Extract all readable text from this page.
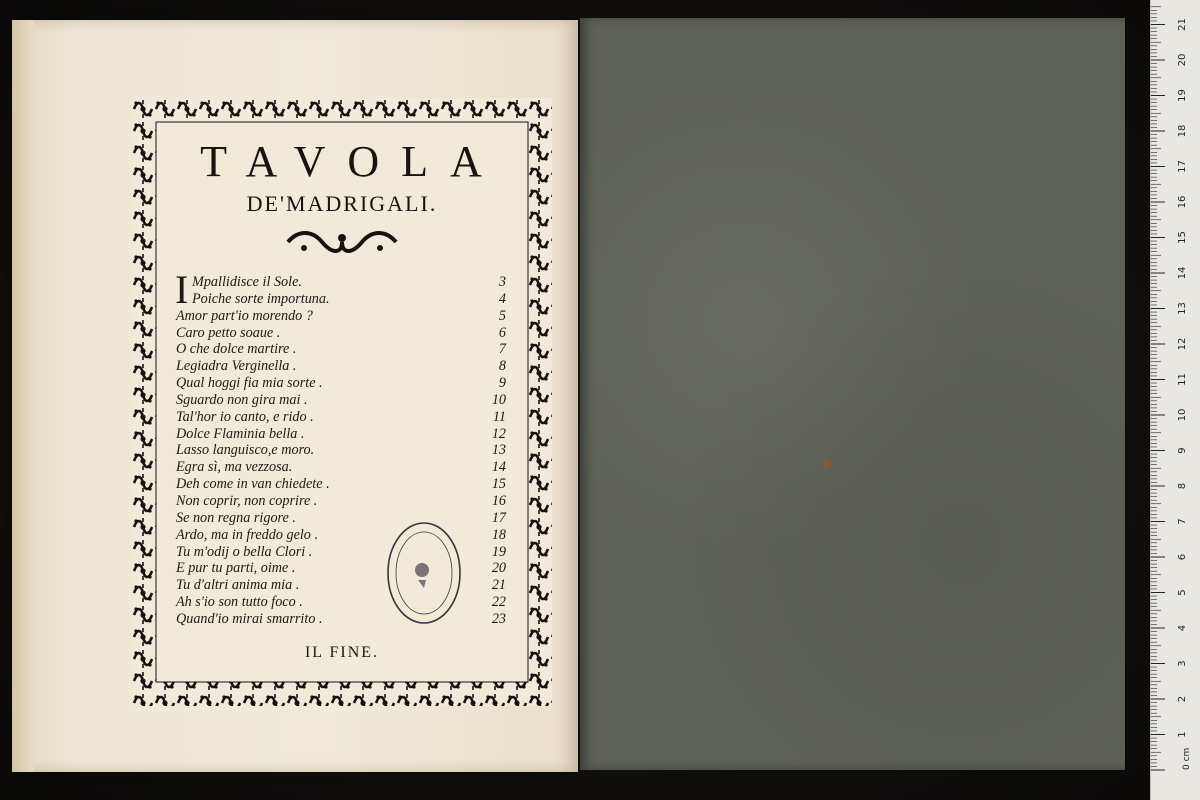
TAVOLA
DE'MADRIGALI.
I Mpallidisce il Sole.	3
Poiche sorte importuna.	4
Amor part'io morendo ?	5
Caro petto soaue .	6
O che dolce martire .	7
Legiadra Verginella .	8
Qual hoggi fia mia sorte .	9
Sguardo non gira mai .	10
Tal'hor io canto, e rido .	11
Dolce Flaminia bella .	12
Lasso languisco,e moro.	13
Egra sì, ma vezzosa.	14
Deh come in van chiedete .	15
Non coprir, non coprire .	16
Se non regna rigore .	17
Ardo, ma in freddo gelo .	18
Tu m'odij o bella Clori .	19
E pur tu parti, oime .	20
Tu d'altri anima mia .	21
Ah s'io son tutto foco .	22
Quand'io mirai smarrito .	23
IL FINE.
0 cm
1
2
3
4
5
6
7
8
9
10
11
12
13
14
15
16
17
18
19
20
21
